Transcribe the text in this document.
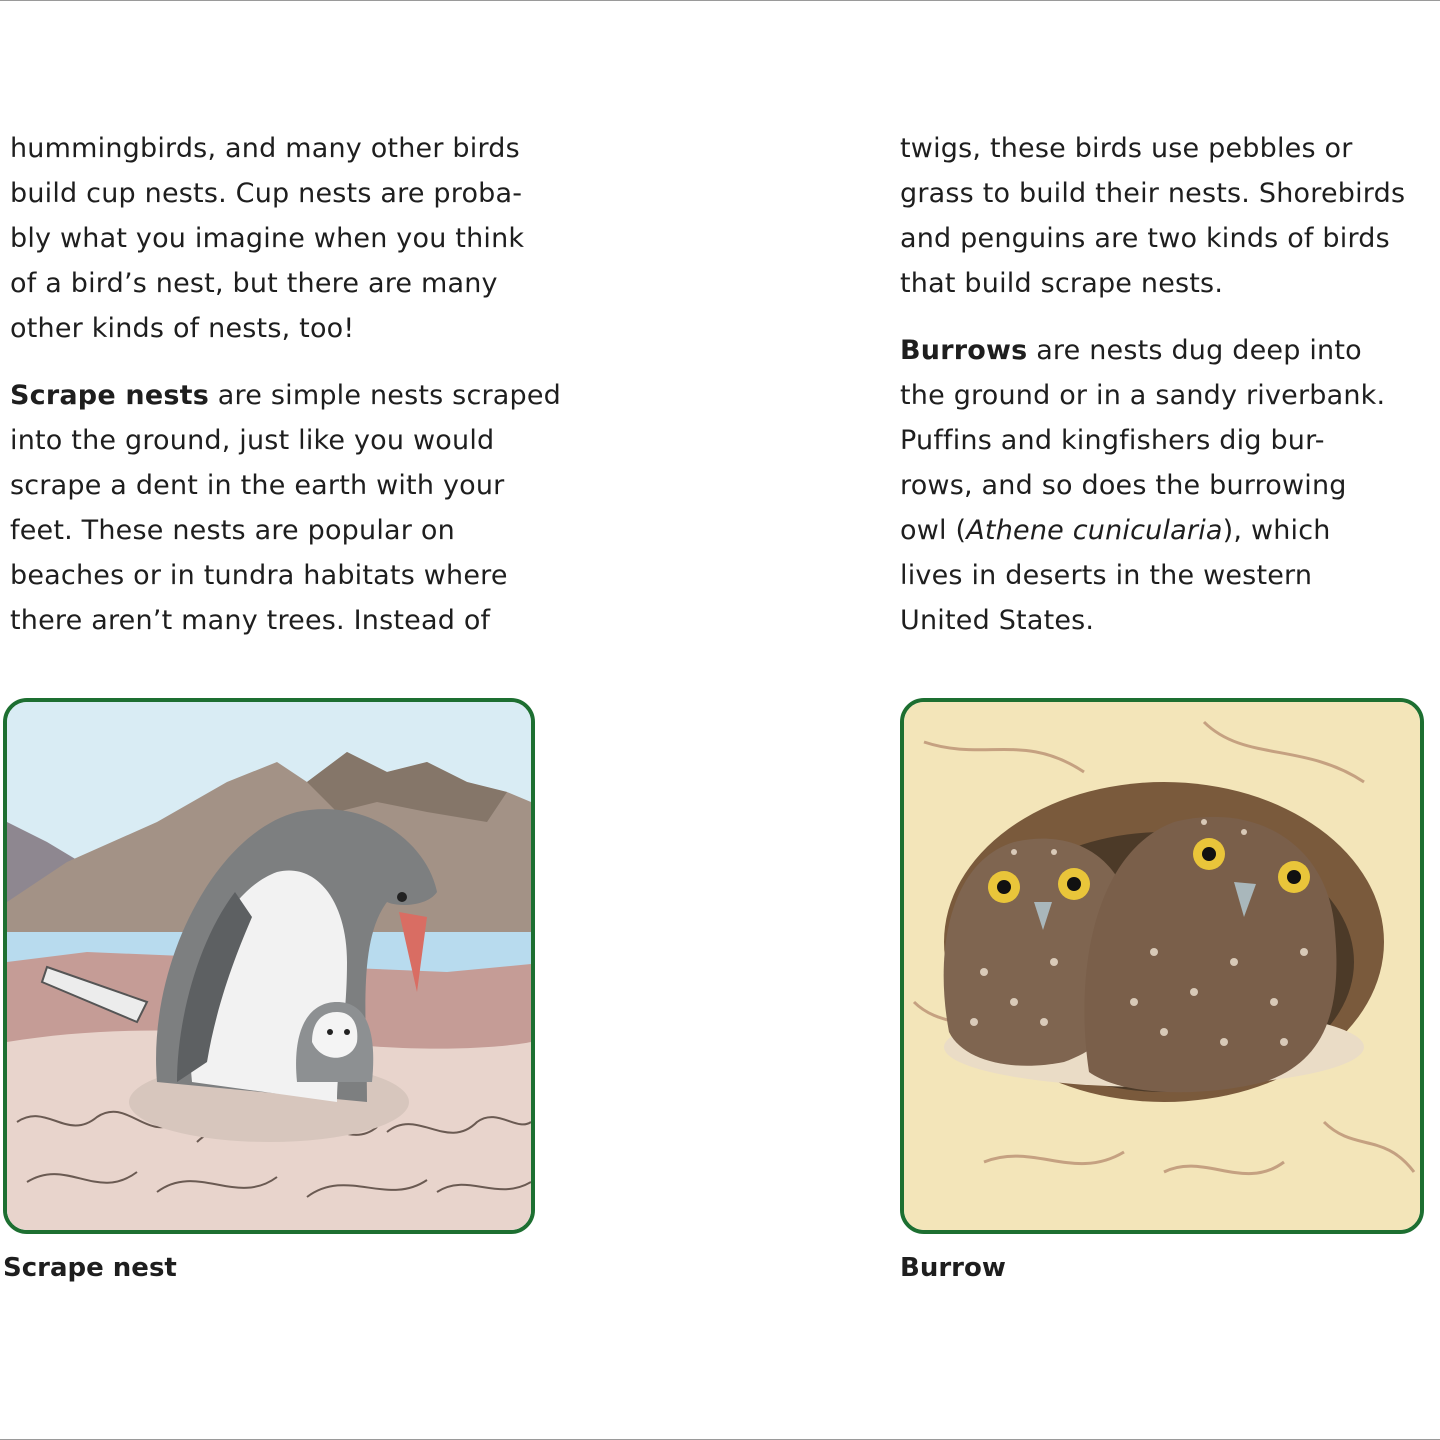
hummingbirds, and many other birds
build cup nests. Cup nests are proba-
bly what you imagine when you think
of a bird’s nest, but there are many
other kinds of nests, too!

Scrape nests are simple nests scraped
into the ground, just like you would
scrape a dent in the earth with your
feet. These nests are popular on
beaches or in tundra habitats where
there aren’t many trees. Instead of

twigs, these birds use pebbles or
grass to build their nests. Shorebirds
and penguins are two kinds of birds
that build scrape nests.

Burrows are nests dug deep into
the ground or in a sandy riverbank.
Puffins and kingfishers dig bur-
rows, and so does the burrowing
owl (Athene cunicularia), which
lives in deserts in the western
United States.

Scrape nest	Burrow
